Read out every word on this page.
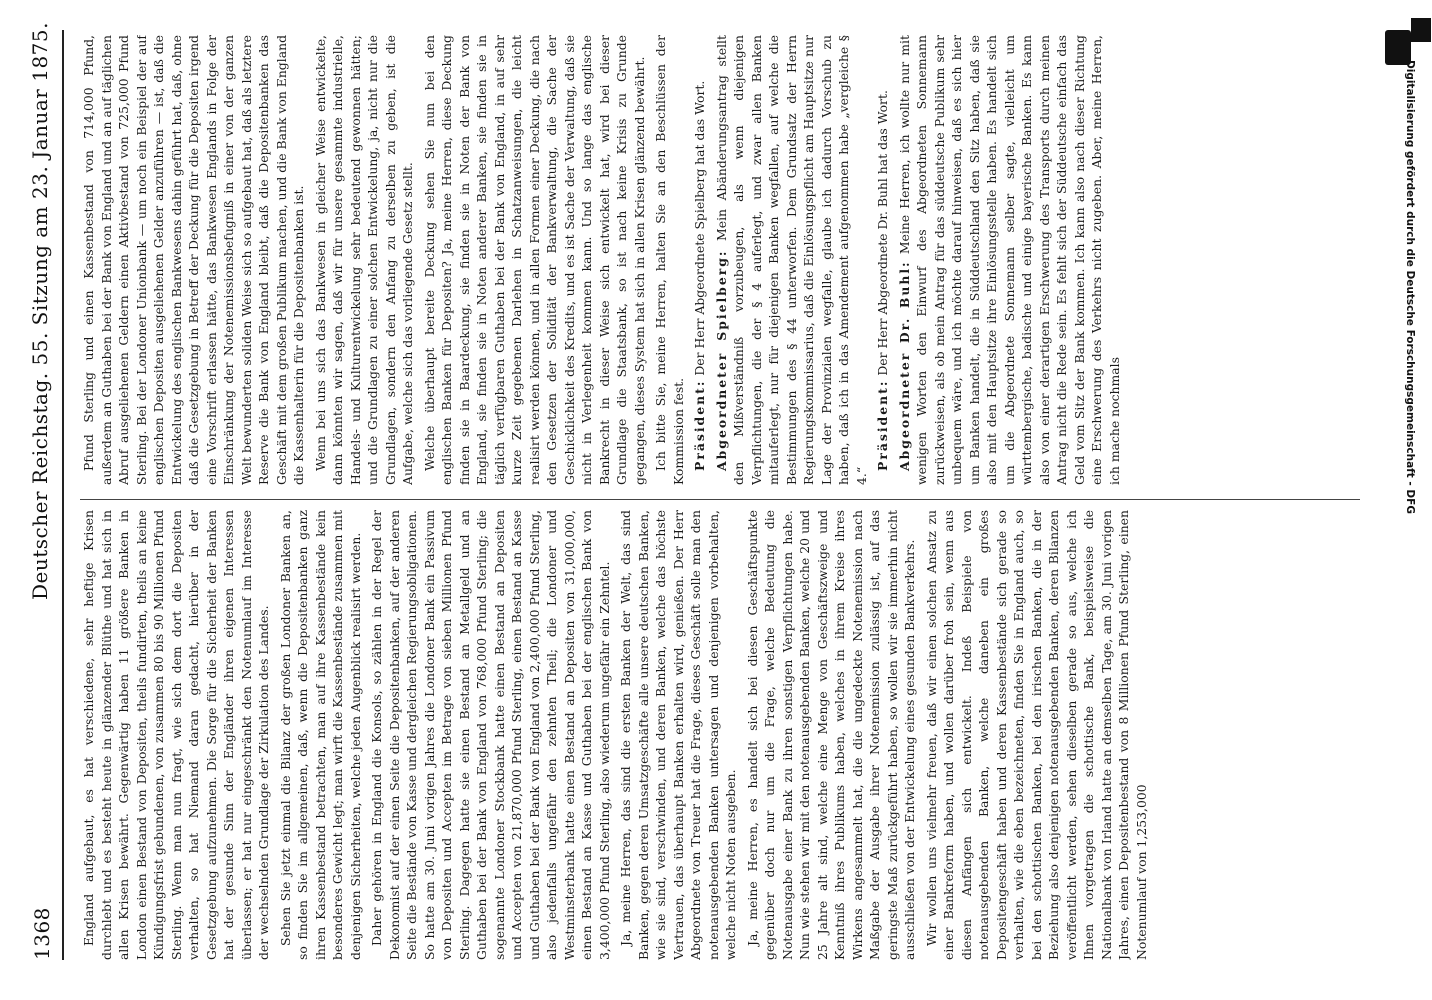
1368
Deutscher Reichstag. 55. Sitzung am 23. Januar 1875.

England aufgebaut, es hat verschiedene, sehr heftige Krisen durchlebt und es besteht heute in glänzender Blüthe und hat sich in allen Krisen bewährt. Gegenwärtig haben 11 größere Banken in London einen Bestand von Depositen, theils fundirten, theils an keine Kündigungsfrist gebundenen, von zusammen 80 bis 90 Millionen Pfund Sterling. Wenn man nun fragt, wie sich dem dort die Depositen verhalten, so hat Niemand daran gedacht, hierüber in der Gesetzgebung aufzunehmen. Die Sorge für die Sicherheit der Banken hat der gesunde Sinn der Engländer ihren eigenen Interessen überlassen; er hat nur eingeschränkt den Notenumlauf im Interesse der wechselnden Grundlage der Zirkulation des Landes. Sehen Sie jetzt einmal die Bilanz der großen Londoner Banken an, so finden Sie im allgemeinen, daß, wenn die Depositenbanken ganz ihren Kassenbestand betrachten, man auf ihre Kassenbestände kein besonderes Gewicht legt; man wirft die Kassenbestände zusammen mit denjenigen Sicherheiten, welche jeden Augenblick realisirt werden. Daher gehören in England die Konsols, so zählen in der Regel der Dekonomist auf der einen Seite die Depositenbanken, auf der anderen Seite die Bestände von Kasse und dergleichen Regierungsobligationen. So hatte am 30. Juni vorigen Jahres die Londoner Bank ein Passivum von Depositen und Accepten im Betrage von sieben Millionen Pfund Sterling. Dagegen hatte sie einen Bestand an Metallgeld und an Guthaben bei der Bank von England von 768,000 Pfund Sterling; die sogenannte Londoner Stockbank hatte einen Bestand an Depositen und Accepten von 21,870,000 Pfund Sterling, einen Bestand an Kasse und Guthaben bei der Bank von England von 2,400,000 Pfund Sterling, also jedenfalls ungefähr den zehnten Theil; die Londoner und Westminsterbank hatte einen Bestand an Depositen von 31,000,000, einen Bestand an Kasse und Guthaben bei der englischen Bank von 3,400,000 Pfund Sterling, also wiederum ungefähr ein Zehntel. Ja, meine Herren, das sind die ersten Banken der Welt, das sind Banken, gegen deren Umsatzgeschäfte alle unsere deutschen Banken, wie sie sind, verschwinden, und deren Banken, welche das höchste Vertrauen, das überhaupt Banken erhalten wird, genießen. Der Herr Abgeordnete von Treuer hat die Frage, dieses Geschäft solle man den notenausgebenden Banken untersagen und denjenigen vorbehalten, welche nicht Noten ausgeben. Ja, meine Herren, es handelt sich bei diesen Geschäftspunkte gegenüber doch nur um die Frage, welche Bedeutung die Notenausgabe einer Bank zu ihren sonstigen Verpflichtungen habe. Nun wie stehen wir mit den notenausgebenden Banken, welche 20 und 25 Jahre alt sind, welche eine Menge von Geschäftszweige und Kenntniß ihres Publikums haben, welches in ihrem Kreise ihres Wirkens angesammelt hat, die die ungedeckte Notenemission nach Maßgabe der Ausgabe ihrer Notenemission zulässig ist, auf das geringste Maß zurückgeführt haben, so wollen wir sie immerhin nicht ausschließen von der Entwickelung eines gesunden Bankverkehrs. Wir wollen uns vielmehr freuen, daß wir einen solchen Ansatz zu einer Bankreform haben, und wollen darüber froh sein, wenn aus diesen Anfängen sich entwickelt. Indeß Beispiele von notenausgebenden Banken, welche daneben ein großes Depositengeschäft haben und deren Kassenbestände sich gerade so verhalten, wie die eben bezeichneten, finden Sie in England auch, so bei den schottischen Banken, bei den irischen Banken, die in der Beziehung also denjenigen notenausgebenden Banken, deren Bilanzen veröffentlicht werden, sehen dieselben gerade so aus, welche ich Ihnen vorgetragen die schottische Bank, beispielsweise die Nationalbank von Irland hatte an demselben Tage, am 30. Juni vorigen Jahres, einen Depositenbestand von 8 Millionen Pfund Sterling, einen Notenumlauf von 1,253,000

Pfund Sterling und einen Kassenbestand von 714,000 Pfund, außerdem an Guthaben bei der Bank von England und an auf täglichen Abruf ausgeliehenen Geldern einen Aktivbestand von 725,000 Pfund Sterling. Bei der Londoner Unionbank — um noch ein Beispiel der auf englischen Depositen ausgeliehenen Gelder anzuführen — ist, daß die Entwickelung des englischen Bankwesens dahin geführt hat, daß, ohne daß die Gesetzgebung in Betreff der Deckung für die Depositen irgend eine Vorschrift erlassen hätte, das Bankwesen Englands in Folge der Einschränkung der Notenemissionsbefugniß in einer von der ganzen Welt bewunderten soliden Weise sich so aufgebaut hat, daß als letztere Reserve die Bank von England bleibt, daß die Depositenbanken das Geschäft mit dem großen Publikum machen, und die Bank von England die Kassenhalterin für die Depositenbanken ist. Wenn bei uns sich das Bankwesen in gleicher Weise entwickelte, dann könnten wir sagen, daß wir für unsere gesammte industrielle, Handels- und Kulturentwickelung sehr bedeutend gewonnen hätten; und die Grundlagen zu einer solchen Entwickelung, ja, nicht nur die Grundlagen, sondern den Anfang zu derselben zu geben, ist die Aufgabe, welche sich das vorliegende Gesetz stellt. Welche überhaupt bereite Deckung sehen Sie nun bei den englischen Banken für Depositen? Ja, meine Herren, diese Deckung finden sie in Baardeckung, sie finden sie in Noten der Bank von England, sie finden sie in Noten anderer Banken, sie finden sie in täglich verfügbaren Guthaben bei der Bank von England, in auf sehr kurze Zeit gegebenen Darlehen in Schatzanweisungen, die leicht realisirt werden können, und in allen Formen einer Deckung, die nach den Gesetzen der Solidität der Bankverwaltung, die Sache der Geschicklichkeit des Kredits, und es ist Sache der Verwaltung, daß sie nicht in Verlegenheit kommen kann. Und so lange das englische Bankrecht in dieser Weise sich entwickelt hat, wird bei dieser Grundlage die Staatsbank, so ist nach keine Krisis zu Grunde gegangen, dieses System hat sich in allen Krisen glänzend bewährt. Ich bitte Sie, meine Herren, halten Sie an den Beschlüssen der Kommission fest. Präsident: Der Herr Abgeordnete Spielberg hat das Wort. Abgeordneter Spielberg: Mein Abänderungsantrag stellt den Mißverständniß vorzubeugen, als wenn diejenigen Verpflichtungen, die der § 4 auferlegt, und zwar allen Banken mitauferlegt, nur für diejenigen Banken wegfallen, auf welche die Bestimmungen des § 44 unterworfen. Dem Grundsatz der Herrn Regierungskommissarius, daß die Einlösungspflicht am Hauptsitze nur Lage der Provinzialen wegfalle, glaube ich dadurch Vorschub zu haben, daß ich in das Amendement aufgenommen habe „vergleiche § 4.“

Präsident: Der Herr Abgeordnete Dr. Buhl hat das Wort. Abgeordneter Dr. Buhl: Meine Herren, ich wollte nur mit wenigen Worten den Einwurf des Abgeordneten Sonnemann zurückweisen, als ob mein Antrag für das süddeutsche Publikum sehr unbequem wäre, und ich möchte darauf hinweisen, daß es sich hier um Banken handelt, die in Süddeutschland den Sitz haben, daß sie also mit den Hauptsitze ihre Einlösungsstelle haben. Es handelt sich um die Abgeordnete Sonnemann selber sagte, vielleicht um württembergische, badische und einige bayerische Banken. Es kann also von einer derartigen Erschwerung des Transports durch meinen Antrag nicht die Rede sein. Es fehlt sich der Süddeutsche einfach das Geld vom Sitz der Bank kommen. Ich kann also nach dieser Richtung eine Erschwerung des Verkehrs nicht zugeben. Aber, meine Herren, ich mache nochmals	Digitalisierung gefördert durch die Deutsche Forschungsgemeinschaft - DFG
